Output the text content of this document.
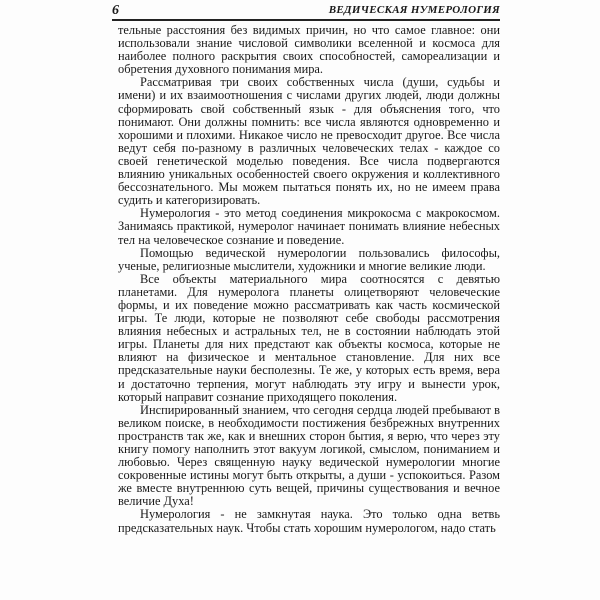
6	ВЕДИЧЕСКАЯ НУМЕРОЛОГИЯ

тельные расстояния без видимых причин, но что самое главное: они использовали знание числовой символики вселенной и космоса для наиболее полного раскрытия своих способностей, самореализации и обретения духовного понимания мира.

Рассматривая три своих собственных числа (души, судьбы и имени) и их взаимоотношения с числами других людей, люди должны сформировать свой собственный язык - для объяснения того, что понимают. Они должны помнить: все числа являются одновременно и хорошими и плохими. Никакое число не превосходит другое. Все числа ведут себя по-разному в различных человеческих телах - каждое со своей генетической моделью поведения. Все числа подвергаются влиянию уникальных особенностей своего окружения и коллективного бессознательного. Мы можем пытаться понять их, но не имеем права судить и категоризировать.

Нумерология - это метод соединения микрокосма с макрокосмом. Занимаясь практикой, нумеролог начинает понимать влияние небесных тел на человеческое сознание и поведение.

Помощью ведической нумерологии пользовались философы, ученые, религиозные мыслители, художники и многие великие люди.

Все объекты материального мира соотносятся с девятью планетами. Для нумеролога планеты олицетворяют человеческие формы, и их поведение можно рассматривать как часть космической игры. Те люди, которые не позволяют себе свободы рассмотрения влияния небесных и астральных тел, не в состоянии наблюдать этой игры. Планеты для них предстают как объекты космоса, которые не влияют на физическое и ментальное становление. Для них все предсказательные науки бесполезны. Те же, у которых есть время, вера и достаточно терпения, могут наблюдать эту игру и вынести урок, который направит сознание приходящего поколения.

Инспирированный знанием, что сегодня сердца людей пребывают в великом поиске, в необходимости постижения безбрежных внутренних пространств так же, как и внешних сторон бытия, я верю, что через эту книгу помогу наполнить этот вакуум логикой, смыслом, пониманием и любовью. Через священную науку ведической нумерологии многие сокровенные истины могут быть открыты, а души - успокоиться. Разом же вместе внутреннюю суть вещей, причины существования и вечное величие Духа!

Нумерология - не замкнутая наука. Это только одна ветвь предсказательных наук. Чтобы стать хорошим нумерологом, надо стать
